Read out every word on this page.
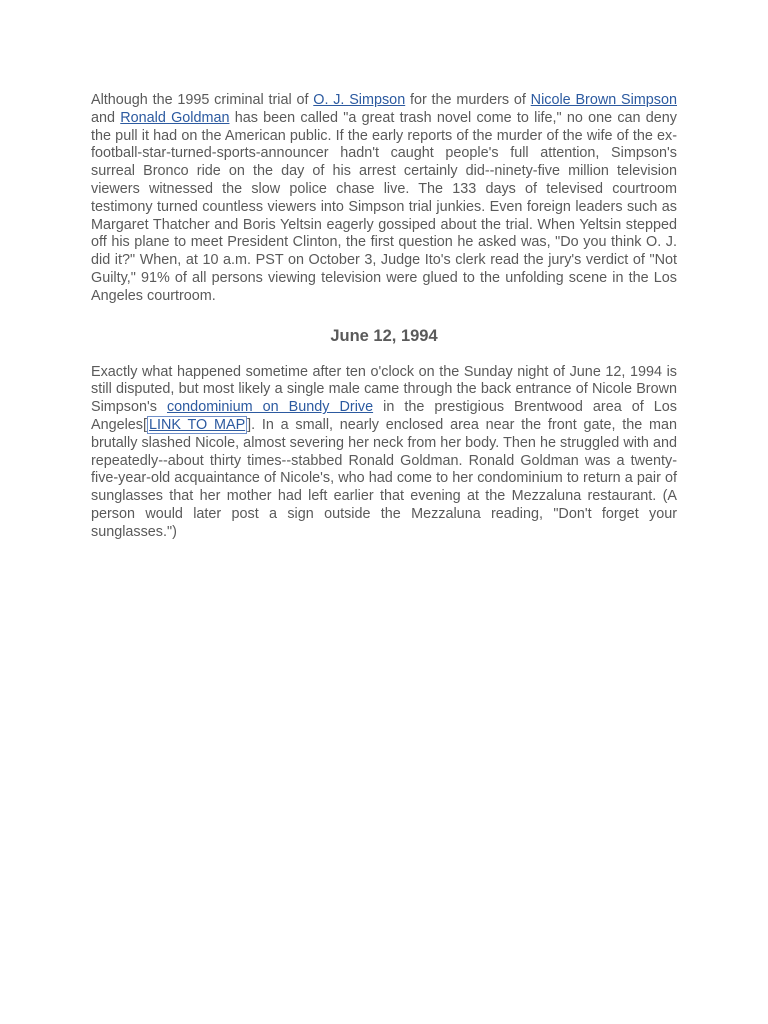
Although the 1995 criminal trial of O. J. Simpson for the murders of Nicole Brown Simpson and Ronald Goldman has been called "a great trash novel come to life," no one can deny the pull it had on the American public. If the early reports of the murder of the wife of the ex-football-star-turned-sports-announcer hadn't caught people's full attention, Simpson's surreal Bronco ride on the day of his arrest certainly did--ninety-five million television viewers witnessed the slow police chase live. The 133 days of televised courtroom testimony turned countless viewers into Simpson trial junkies. Even foreign leaders such as Margaret Thatcher and Boris Yeltsin eagerly gossiped about the trial. When Yeltsin stepped off his plane to meet President Clinton, the first question he asked was, "Do you think O. J. did it?" When, at 10 a.m. PST on October 3, Judge Ito's clerk read the jury's verdict of "Not Guilty," 91% of all persons viewing television were glued to the unfolding scene in the Los Angeles courtroom.

June 12, 1994

Exactly what happened sometime after ten o'clock on the Sunday night of June 12, 1994 is still disputed, but most likely a single male came through the back entrance of Nicole Brown Simpson's condominium on Bundy Drive in the prestigious Brentwood area of Los Angeles[ LINK TO MAP ]. In a small, nearly enclosed area near the front gate, the man brutally slashed Nicole, almost severing her neck from her body. Then he struggled with and repeatedly--about thirty times--stabbed Ronald Goldman. Ronald Goldman was a twenty-five-year-old acquaintance of Nicole's, who had come to her condominium to return a pair of sunglasses that her mother had left earlier that evening at the Mezzaluna restaurant. (A person would later post a sign outside the Mezzaluna reading, "Don't forget your sunglasses.")
